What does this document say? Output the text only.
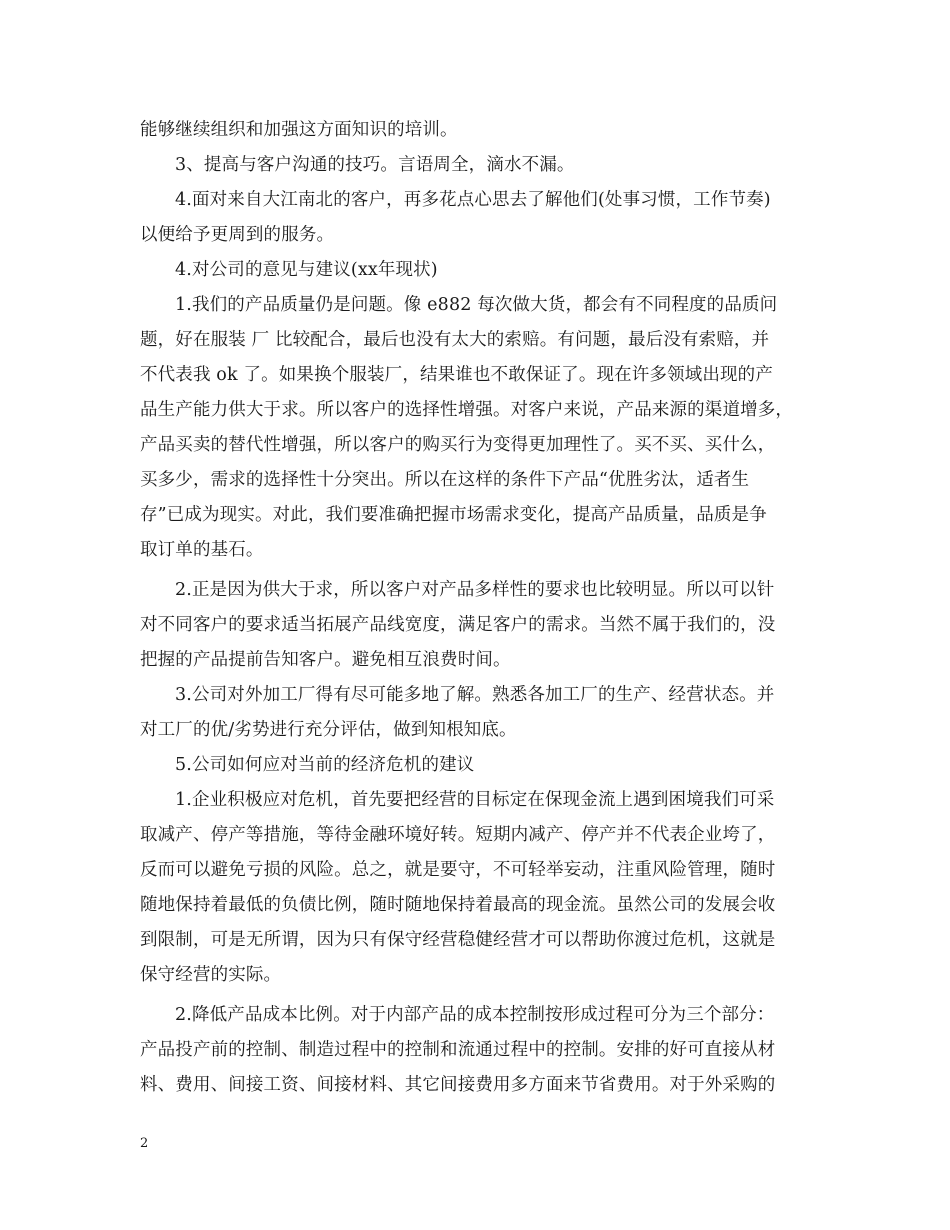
能够继续组织和加强这方面知识的培训。
3、提高与客户沟通的技巧。言语周全，滴水不漏。
4.面对来自大江南北的客户，再多花点心思去了解他们(处事习惯，工作节奏)
以便给予更周到的服务。
4.对公司的意见与建议(xx年现状)
1.我们的产品质量仍是问题。像 e882 每次做大货，都会有不同程度的品质问
题，好在服装 厂 比较配合，最后也没有太大的索赔。有问题，最后没有索赔，并
不代表我 ok 了。如果换个服装厂，结果谁也不敢保证了。现在许多领域出现的产
品生产能力供大于求。所以客户的选择性增强。对客户来说，产品来源的渠道增多，
产品买卖的替代性增强，所以客户的购买行为变得更加理性了。买不买、买什么，
买多少，需求的选择性十分突出。所以在这样的条件下产品“优胜劣汰，适者生
存”已成为现实。对此，我们要准确把握市场需求变化，提高产品质量，品质是争
取订单的基石。
2.正是因为供大于求，所以客户对产品多样性的要求也比较明显。所以可以针
对不同客户的要求适当拓展产品线宽度，满足客户的需求。当然不属于我们的，没
把握的产品提前告知客户。避免相互浪费时间。
3.公司对外加工厂得有尽可能多地了解。熟悉各加工厂的生产、经营状态。并
对工厂的优/劣势进行充分评估，做到知根知底。
5.公司如何应对当前的经济危机的建议
1.企业积极应对危机，首先要把经营的目标定在保现金流上遇到困境我们可采
取减产、停产等措施，等待金融环境好转。短期内减产、停产并不代表企业垮了，
反而可以避免亏损的风险。总之，就是要守，不可轻举妄动，注重风险管理，随时
随地保持着最低的负债比例，随时随地保持着最高的现金流。虽然公司的发展会收
到限制，可是无所谓，因为只有保守经营稳健经营才可以帮助你渡过危机，这就是
保守经营的实际。
2.降低产品成本比例。对于内部产品的成本控制按形成过程可分为三个部分：
产品投产前的控制、制造过程中的控制和流通过程中的控制。安排的好可直接从材
料、费用、间接工资、间接材料、其它间接费用多方面来节省费用。对于外采购的
2
